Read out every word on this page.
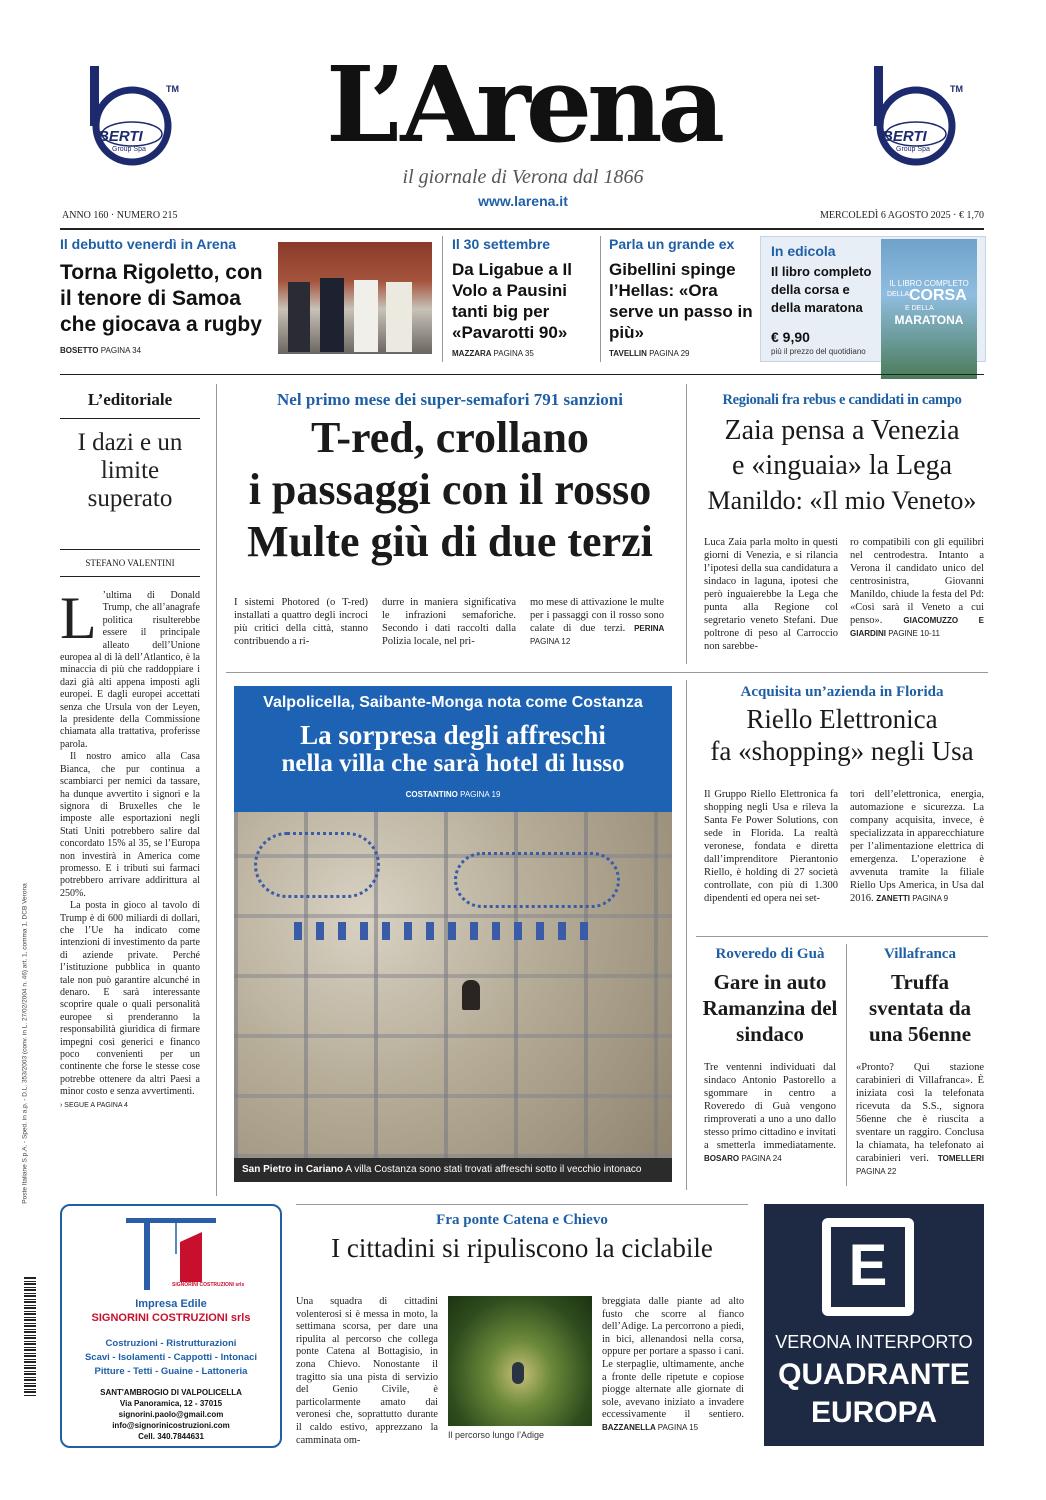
BERTI
Group Spa
TM
BERTI
Group Spa
TM
L’Arena
il giornale di Verona dal 1866
www.larena.it
ANNO 160 · NUMERO 215	MERCOLEDÌ 6 AGOSTO 2025 · € 1,70
Il debutto venerdì in Arena
Torna Rigoletto, con il tenore di Samoa che giocava a rugby
BOSETTO PAGINA 34
Il 30 settembre
Da Ligabue a Il Volo a Pausini tanti big per «Pavarotti 90»
MAZZARA PAGINA 35
Parla un grande ex
Gibellini spinge l’Hellas: «Ora serve un passo in più»
TAVELLIN PAGINA 29
In edicola
Il libro completo della corsa e della maratona
€ 9,90
più il prezzo del quotidiano
IL LIBRO COMPLETO
DELLA CORSA
E DELLA
MARATONA
L’editoriale
I dazi e un limite superato
STEFANO VALENTINI
L ’ultima di Donald Trump, che all’anagrafe politica risulterebbe essere il principale alleato dell’Unione europea al di là dell’Atlantico, è la minaccia di più che raddoppiare i dazi già alti appena imposti agli europei. E dagli europei accettati senza che Ursula von der Leyen, la presidente della Commissione chiamata alla trattativa, proferisse parola.

Il nostro amico alla Casa Bianca, che pur continua a scambiarci per nemici da tassare, ha dunque avvertito i signori e la signora di Bruxelles che le imposte alle esportazioni negli Stati Uniti potrebbero salire dal concordato 15% al 35, se l’Europa non investirà in America come promesso. E i tributi sui farmaci potrebbero arrivare addirittura al 250%.

La posta in gioco al tavolo di Trump è di 600 miliardi di dollari, che l’Ue ha indicato come intenzioni di investimento da parte di aziende private. Perché l’istituzione pubblica in quanto tale non può garantire alcunché in denaro. E sarà interessante scoprire quale o quali personalità europee si prenderanno la responsabilità giuridica di firmare impegni così generici e financo poco convenienti per un continente che forse le stesse cose potrebbe ottenere da altri Paesi a minor costo e senza avvertimenti.

› SEGUE A PAGINA 4
Nel primo mese dei super-semafori 791 sanzioni
T-red, crollano
i passaggi con il rosso
Multe giù di due terzi
I sistemi Photored (o T-red) installati a quattro degli incroci più critici della città, stanno contribuendo a ri-
durre in maniera significativa le infrazioni semaforiche. Secondo i dati raccolti dalla Polizia locale, nel pri-
mo mese di attivazione le multe per i passaggi con il rosso sono calate di due terzi. PERINA PAGINA 12
Regionali fra rebus e candidati in campo
Zaia pensa a Venezia
e «inguaia» la Lega
Manildo: «Il mio Veneto»
Luca Zaia parla molto in questi giorni di Venezia, e si rilancia l’ipotesi della sua candidatura a sindaco in laguna, ipotesi che però inguaierebbe la Lega che punta alla Regione col segretario veneto Stefani. Due poltrone di peso al Carroccio non sarebbe-
ro compatibili con gli equilibri nel centrodestra. Intanto a Verona il candidato unico del centrosinistra, Giovanni Manildo, chiude la festa del Pd: «Così sarà il Veneto a cui penso».	GIACOMUZZO E GIARDINI PAGINE 10-11
Valpolicella, Saibante-Monga nota come Costanza
La sorpresa degli affreschi
nella villa che sarà hotel di lusso
COSTANTINO PAGINA 19
San Pietro in Cariano A villa Costanza sono stati trovati affreschi sotto il vecchio intonaco
Acquisita un’azienda in Florida
Riello Elettronica
fa «shopping» negli Usa
Il Gruppo Riello Elettronica fa shopping negli Usa e rileva la Santa Fe Power Solutions, con sede in Florida. La realtà veronese, fondata e diretta dall’imprenditore Pierantonio Riello, è holding di 27 società controllate, con più di 1.300 dipendenti ed opera nei set-
tori dell’elettronica, energia, automazione e sicurezza. La company acquisita, invece, è specializzata in apparecchiature per l’alimentazione elettrica di emergenza. L’operazione è avvenuta tramite la filiale Riello Ups America, in Usa dal 2016. ZANETTI PAGINA 9
Roveredo di Guà
Gare in auto Ramanzina del sindaco
Tre ventenni individuati dal sindaco Antonio Pastorello a sgommare in centro a Roveredo di Guà vengono rimproverati a uno a uno dallo stesso primo cittadino e invitati a smetterla immediatamente. BOSARO PAGINA 24
Villafranca
Truffa sventata da una 56enne
«Pronto? Qui stazione carabinieri di Villafranca». È iniziata così la telefonata ricevuta da S.S., signora 56enne che è riuscita a sventare un raggiro. Conclusa la chiamata, ha telefonato ai carabinieri veri. TOMELLERI PAGINA 22
Poste Italiane S.p.A. - Sped. in a.p. - D.L. 353/2003 (conv. in L. 27/02/2004 n. 46) art. 1, comma 1, DCB Verona
SIGNORINI COSTRUZIONI srls
Impresa Edile
SIGNORINI COSTRUZIONI srls
Costruzioni - Ristrutturazioni
Scavi - Isolamenti - Cappotti - Intonaci
Pitture - Tetti - Guaine - Lattoneria
SANT'AMBROGIO DI VALPOLICELLA
Via Panoramica, 12 - 37015
signorini.paolo@gmail.com
info@signorinicostruzioni.com
Cell. 340.7844631
Fra ponte Catena e Chievo
I cittadini si ripuliscono la ciclabile
Una squadra di cittadini volenterosi si è messa in moto, la settimana scorsa, per dare una ripulita al percorso che collega ponte Catena al Bottagisio, in zona Chievo. Nonostante il tragitto sia una pista di servizio del Genio Civile, è particolarmente amato dai veronesi che, soprattutto durante il caldo estivo, apprezzano la camminata om-	Il percorso lungo l’Adige
breggiata dalle piante ad alto fusto che scorre al fianco dell’Adige. La percorrono a piedi, in bici, allenandosi nella corsa, oppure per portare a spasso i cani. Le sterpaglie, ultimamente, anche a fronte delle ripetute e copiose piogge alternate alle giornate di sole, avevano iniziato a invadere eccessivamente il sentiero. BAZZANELLA PAGINA 15
E
VERONA INTERPORTO
QUADRANTE
EUROPA
